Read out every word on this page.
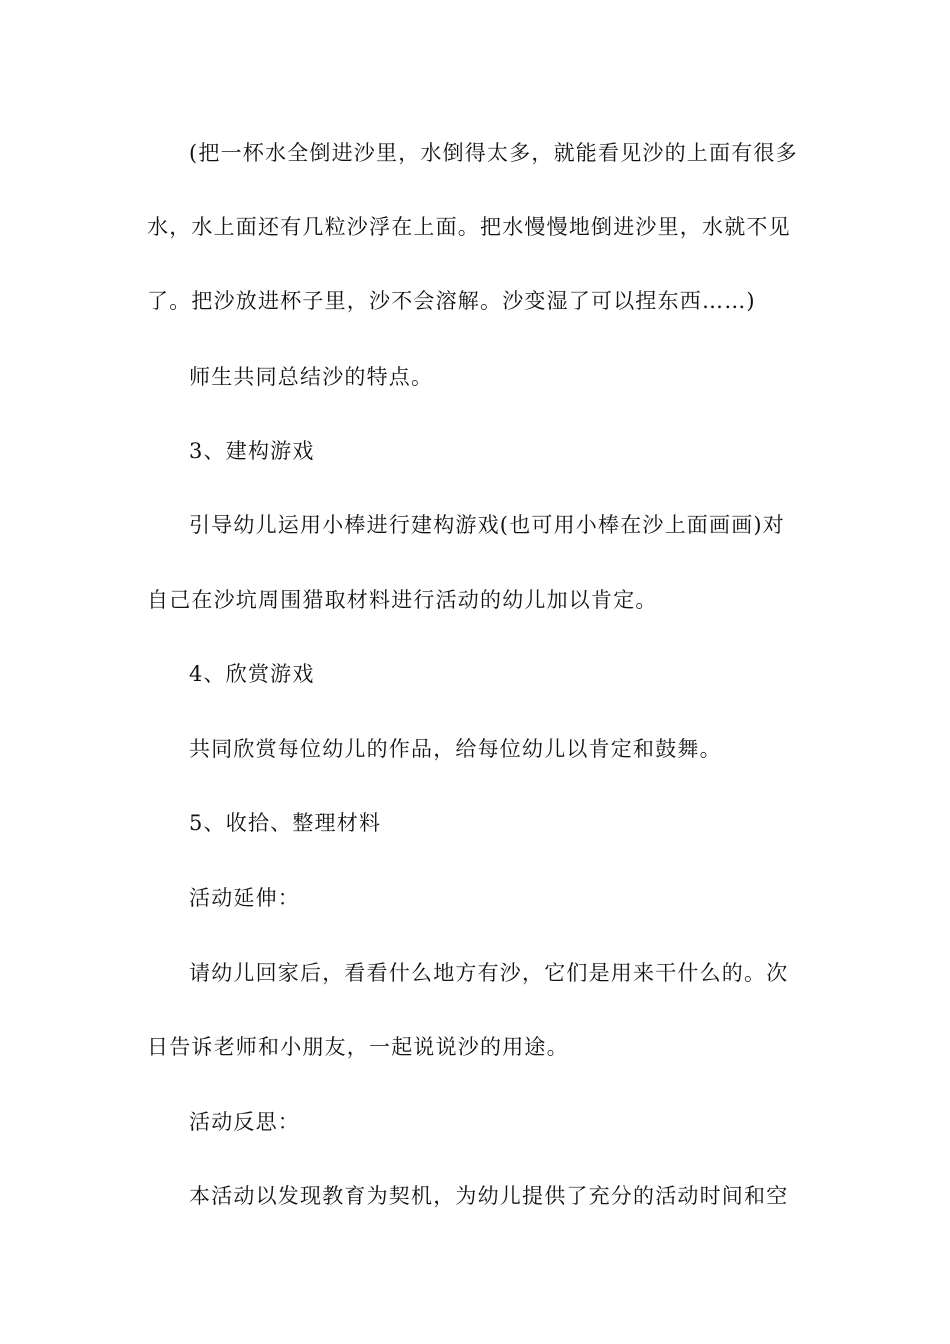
(把一杯水全倒进沙里，水倒得太多，就能看见沙的上面有很多
水，水上面还有几粒沙浮在上面。把水慢慢地倒进沙里，水就不见
了。把沙放进杯子里，沙不会溶解。沙变湿了可以捏东西……)
师生共同总结沙的特点。
3、建构游戏
引导幼儿运用小棒进行建构游戏(也可用小棒在沙上面画画)对
自己在沙坑周围猎取材料进行活动的幼儿加以肯定。
4、欣赏游戏
共同欣赏每位幼儿的作品，给每位幼儿以肯定和鼓舞。
5、收拾、整理材料
活动延伸：
请幼儿回家后，看看什么地方有沙，它们是用来干什么的。次
日告诉老师和小朋友，一起说说沙的用途。
活动反思：
本活动以发现教育为契机，为幼儿提供了充分的活动时间和空
